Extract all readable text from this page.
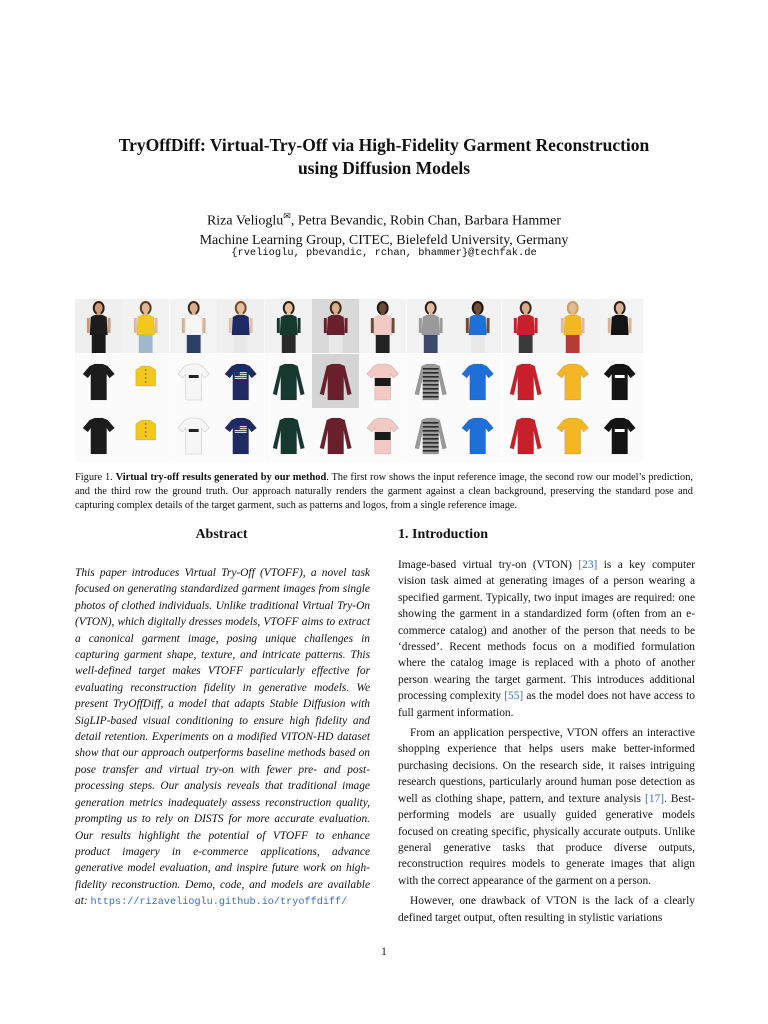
TryOffDiff: Virtual-Try-Off via High-Fidelity Garment Reconstruction
using Diffusion Models
Riza Velioglu✉, Petra Bevandic, Robin Chan, Barbara Hammer
Machine Learning Group, CITEC, Bielefeld University, Germany
{rvelioglu, pbevandic, rchan, bhammer}@techfak.de
Figure 1. Virtual try-off results generated by our method. The first row shows the input reference image, the second row our model’s prediction, and the third row the ground truth. Our approach naturally renders the garment against a clean background, preserving the standard pose and capturing complex details of the target garment, such as patterns and logos, from a single reference image.
Abstract
This paper introduces Virtual Try-Off (VTOFF), a novel task focused on generating standardized garment images from single photos of clothed individuals. Unlike traditional Virtual Try-On (VTON), which digitally dresses models, VTOFF aims to extract a canonical garment image, posing unique challenges in capturing garment shape, texture, and intricate patterns. This well-defined target makes VTOFF particularly effective for evaluating reconstruction fidelity in generative models. We present TryOffDiff, a model that adapts Stable Diffusion with SigLIP-based visual conditioning to ensure high fidelity and detail retention. Experiments on a modified VITON-HD dataset show that our approach outperforms baseline methods based on pose transfer and virtual try-on with fewer pre- and post-processing steps. Our analysis reveals that traditional image generation metrics inadequately assess reconstruction quality, prompting us to rely on DISTS for more accurate evaluation. Our results highlight the potential of VTOFF to enhance product imagery in e-commerce applications, advance generative model evaluation, and inspire future work on high-fidelity reconstruction. Demo, code, and models are available at: https://rizavelioglu.github.io/tryoffdiff/
1. Introduction

Image-based virtual try-on (VTON) [23] is a key computer vision task aimed at generating images of a person wearing a specified garment. Typically, two input images are required: one showing the garment in a standardized form (often from an e-commerce catalog) and another of the person that needs to be ‘dressed’. Recent methods focus on a modified formulation where the catalog image is replaced with a photo of another person wearing the target garment. This introduces additional processing complexity [55] as the model does not have access to full garment information.

From an application perspective, VTON offers an interactive shopping experience that helps users make better-informed purchasing decisions. On the research side, it raises intriguing research questions, particularly around human pose detection as well as clothing shape, pattern, and texture analysis [17]. Best-performing models are usually guided generative models focused on creating specific, physically accurate outputs. Unlike general generative tasks that produce diverse outputs, reconstruction requires models to generate images that align with the correct appearance of the garment on a person.

However, one drawback of VTON is the lack of a clearly defined target output, often resulting in stylistic variations

1
